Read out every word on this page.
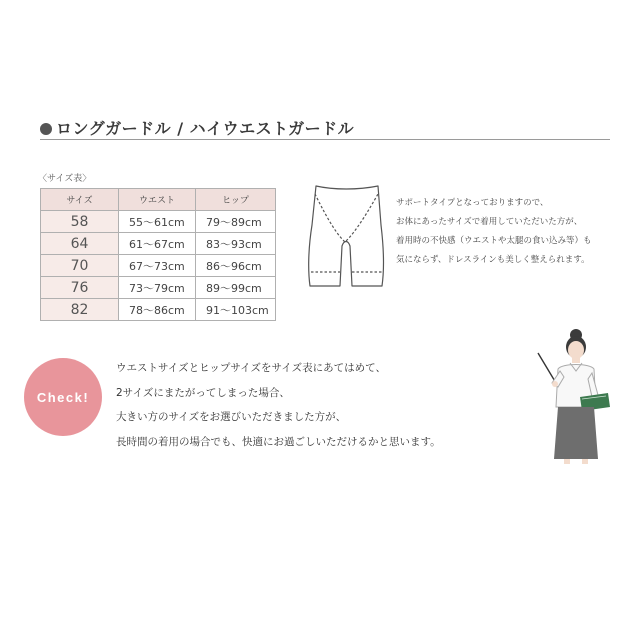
ロングガードル / ハイウエストガードル
〈サイズ表〉
サイズ	ウエスト	ヒップ
58	55〜61cm	79〜89cm
64	61〜67cm	83〜93cm
70	67〜73cm	86〜96cm
76	73〜79cm	89〜99cm
82	78〜86cm	91〜103cm

サポートタイプとなっておりますので、
お体にあったサイズで着用していただいた方が、
着用時の不快感（ウエストや太腿の食い込み等）も
気にならず、ドレスラインも美しく整えられます。

Check!
ウエストサイズとヒップサイズをサイズ表にあてはめて、
2サイズにまたがってしまった場合、
大きい方のサイズをお選びいただきました方が、
長時間の着用の場合でも、快適にお過ごしいただけるかと思います。
